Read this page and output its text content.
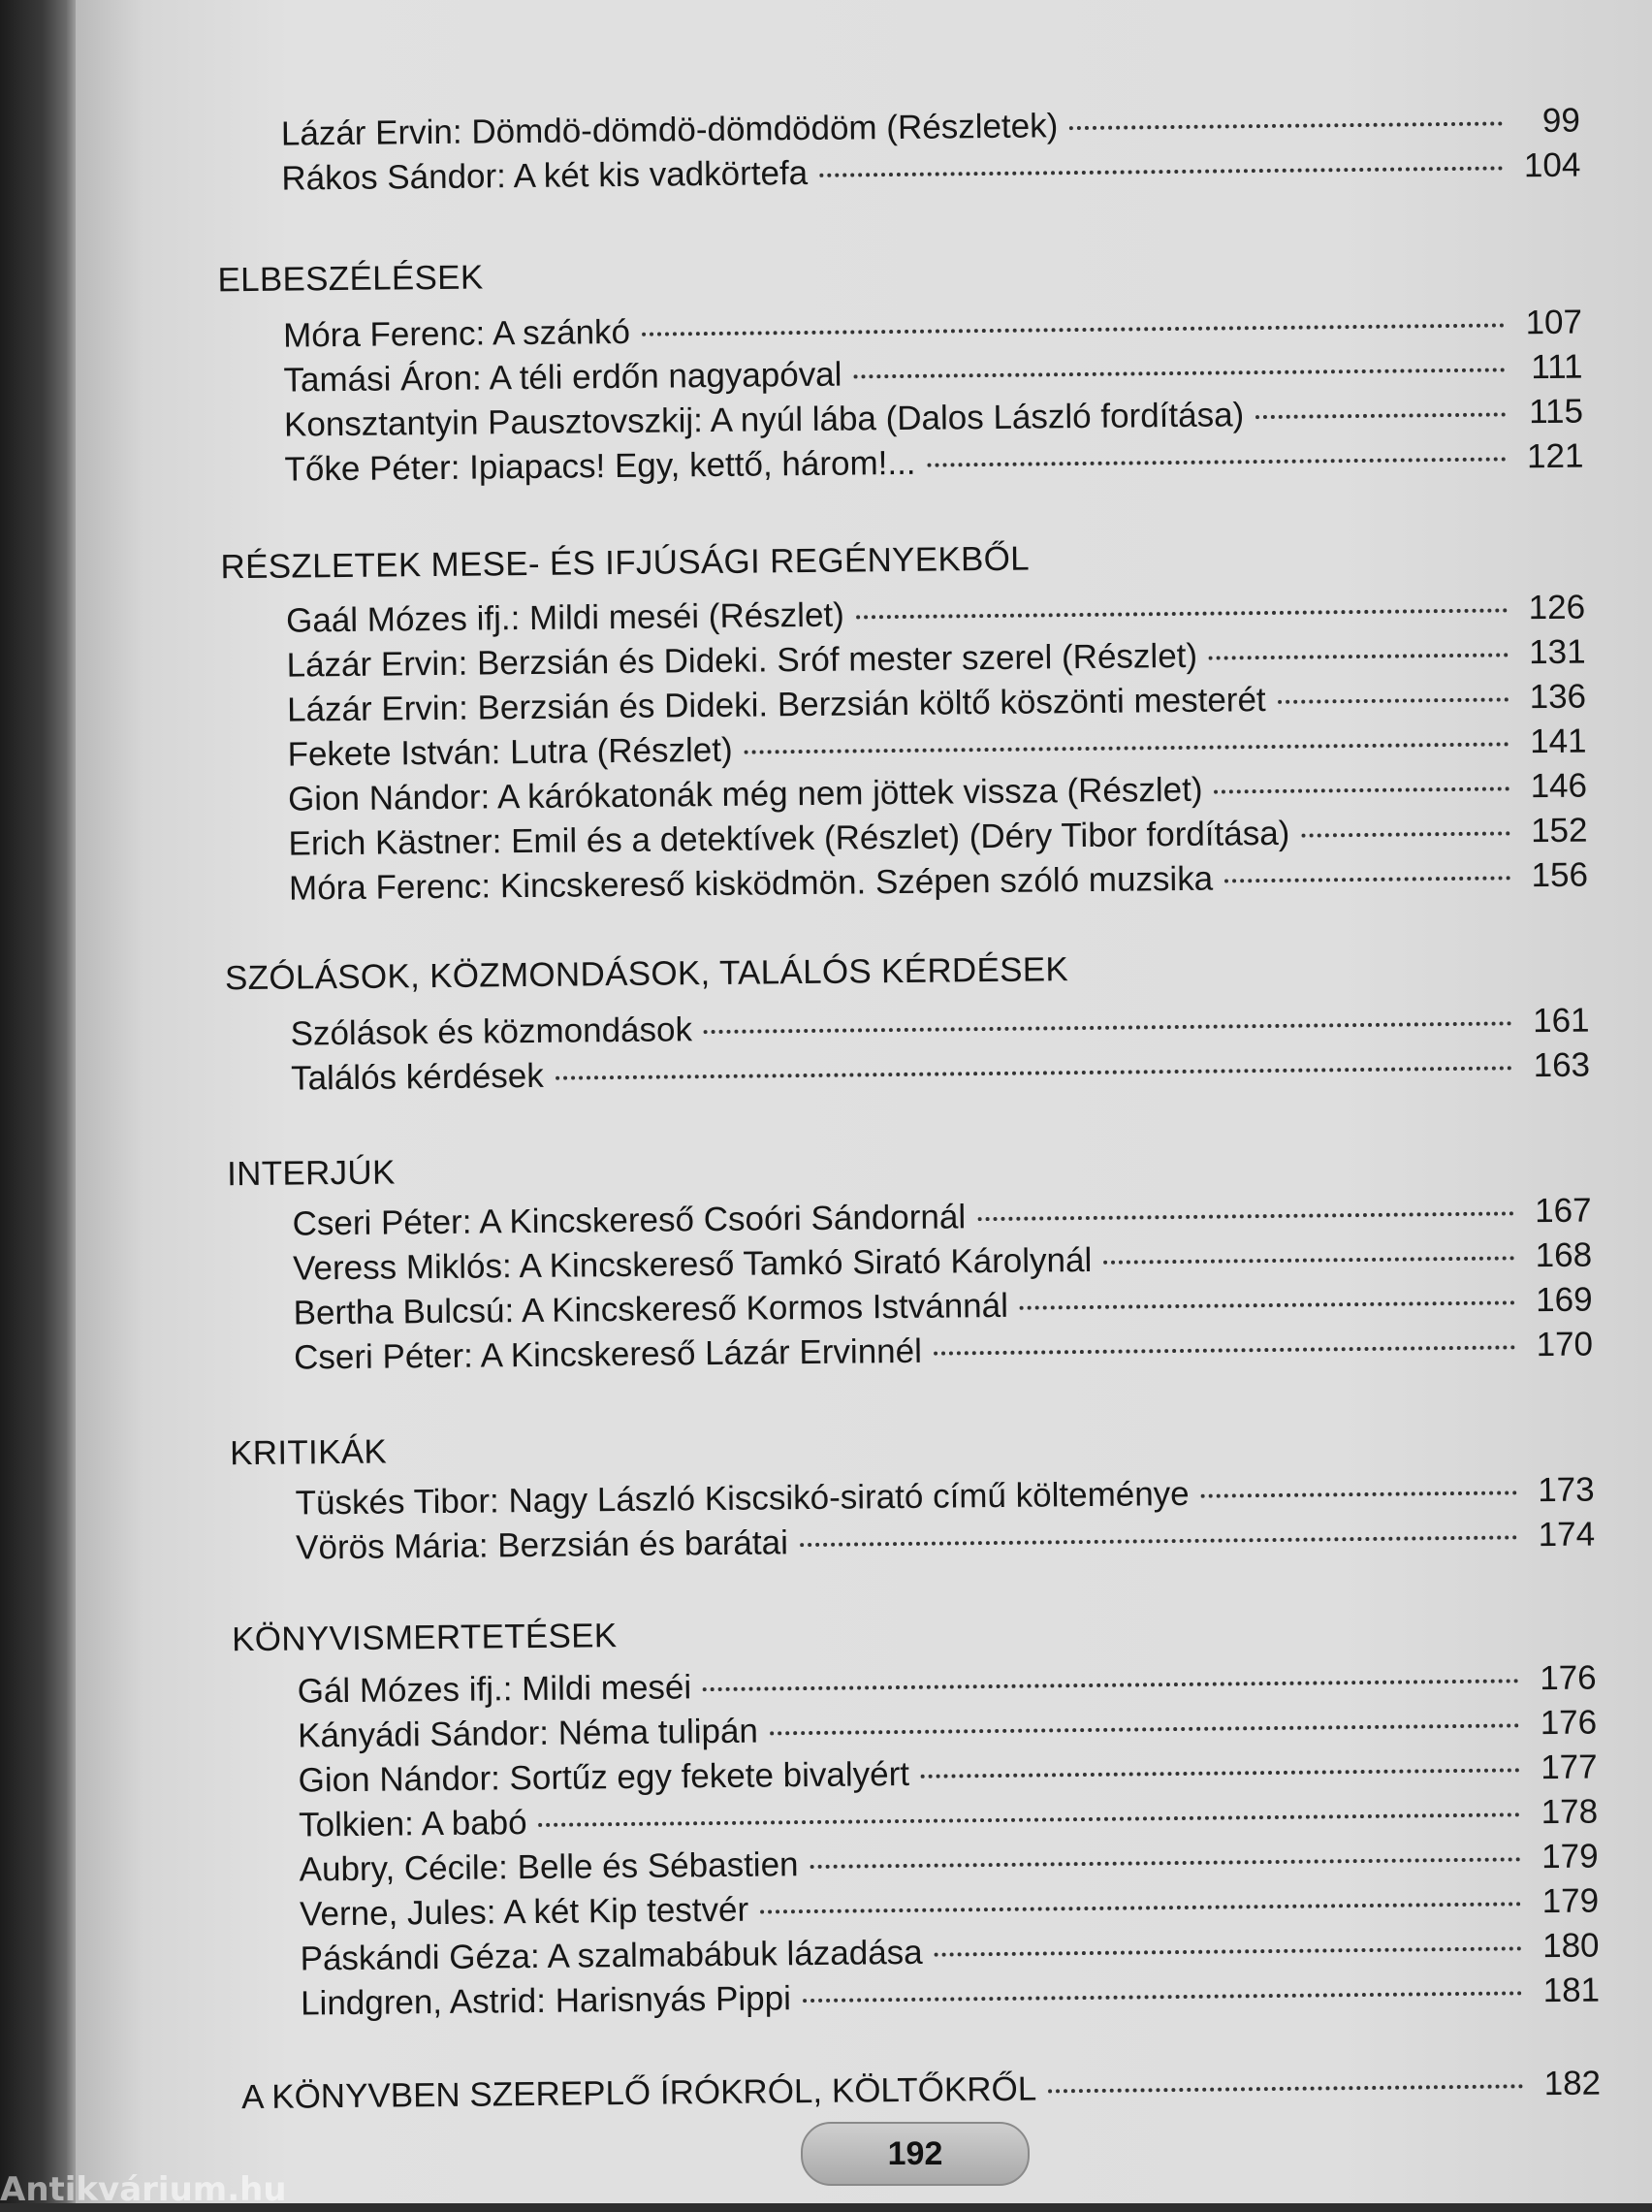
Lázár Ervin: Dömdö-dömdö-dömdödöm (Részletek)	99
Rákos Sándor: A két kis vadkörtefa	104
ELBESZÉLÉSEK
Móra Ferenc: A szánkó	107
Tamási Áron: A téli erdőn nagyapóval	111
Konsztantyin Pausztovszkij: A nyúl lába (Dalos László fordítása)	115
Tőke Péter: Ipiapacs! Egy, kettő, három!...	121
RÉSZLETEK MESE- ÉS IFJÚSÁGI REGÉNYEKBŐL
Gaál Mózes ifj.: Mildi meséi (Részlet)	126
Lázár Ervin: Berzsián és Dideki. Sróf mester szerel (Részlet)	131
Lázár Ervin: Berzsián és Dideki. Berzsián költő köszönti mesterét	136
Fekete István: Lutra (Részlet)	141
Gion Nándor: A kárókatonák még nem jöttek vissza (Részlet)	146
Erich Kästner: Emil és a detektívek (Részlet) (Déry Tibor fordítása)	152
Móra Ferenc: Kincskereső kisködmön. Szépen szóló muzsika	156
SZÓLÁSOK, KÖZMONDÁSOK, TALÁLÓS KÉRDÉSEK
Szólások és közmondások	161
Találós kérdések	163
INTERJÚK
Cseri Péter: A Kincskereső Csoóri Sándornál	167
Veress Miklós: A Kincskereső Tamkó Sirató Károlynál	168
Bertha Bulcsú: A Kincskereső Kormos Istvánnál	169
Cseri Péter: A Kincskereső Lázár Ervinnél	170
KRITIKÁK
Tüskés Tibor: Nagy László Kiscsikó-sirató című költeménye	173
Vörös Mária: Berzsián és barátai	174
KÖNYVISMERTETÉSEK
Gál Mózes ifj.: Mildi meséi	176
Kányádi Sándor: Néma tulipán	176
Gion Nándor: Sortűz egy fekete bivalyért	177
Tolkien: A babó	178
Aubry, Cécile: Belle és Sébastien	179
Verne, Jules: A két Kip testvér	179
Páskándi Géza: A szalmabábuk lázadása	180
Lindgren, Astrid: Harisnyás Pippi	181
A KÖNYVBEN SZEREPLŐ ÍRÓKRÓL, KÖLTŐKRŐL	182
192
Antikvárium.hu
